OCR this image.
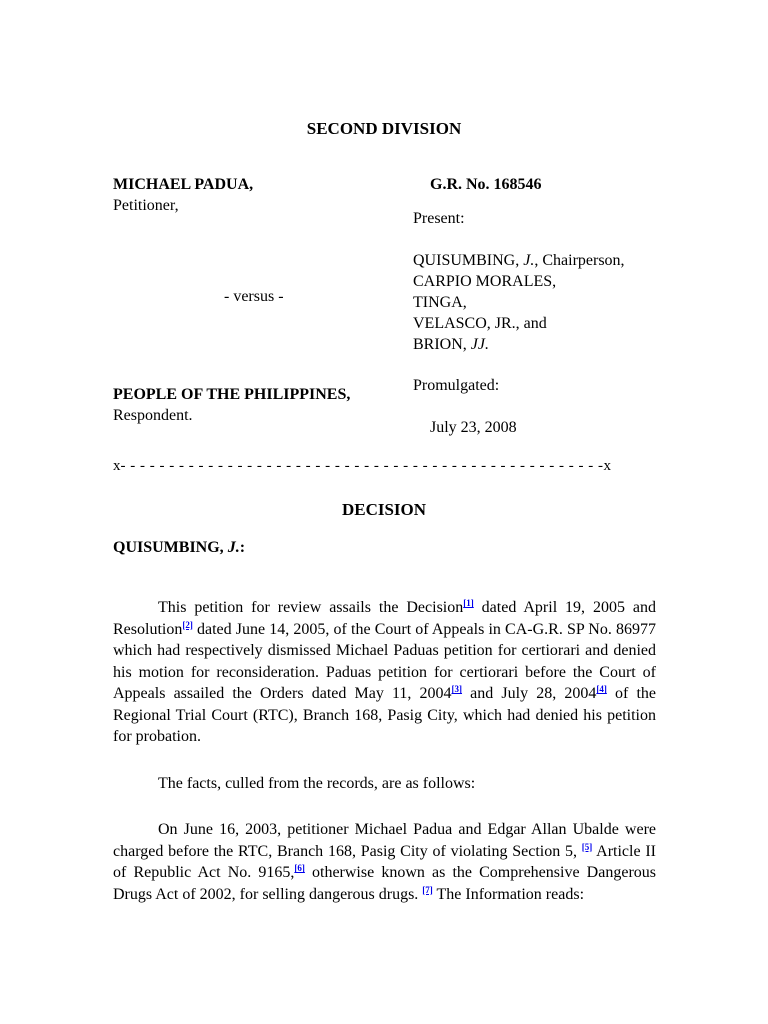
SECOND DIVISION
MICHAEL PADUA,
Petitioner,
- versus -
PEOPLE OF THE PHILIPPINES,
Respondent.
G.R. No. 168546
Present:
QUISUMBING, J., Chairperson,
CARPIO MORALES,
TINGA,
VELASCO, JR., and
BRION, JJ.
Promulgated:
July 23, 2008
x- - - - - - - - - - - - - - - - - - - - - - - - - - - - - - - - - - - - - - - - - - - - - - - - - -x
DECISION
QUISUMBING, J.:
This petition for review assails the Decision[1] dated April 19, 2005 and Resolution[2] dated June 14, 2005, of the Court of Appeals in CA-G.R. SP No. 86977 which had respectively dismissed Michael Paduas petition for certiorari and denied his motion for reconsideration. Paduas petition for certiorari before the Court of Appeals assailed the Orders dated May 11, 2004[3] and July 28, 2004[4] of the Regional Trial Court (RTC), Branch 168, Pasig City, which had denied his petition for probation.
The facts, culled from the records, are as follows:
On June 16, 2003, petitioner Michael Padua and Edgar Allan Ubalde were charged before the RTC, Branch 168, Pasig City of violating Section 5, [5] Article II of Republic Act No. 9165,[6] otherwise known as the Comprehensive Dangerous Drugs Act of 2002, for selling dangerous drugs. [7] The Information reads:
